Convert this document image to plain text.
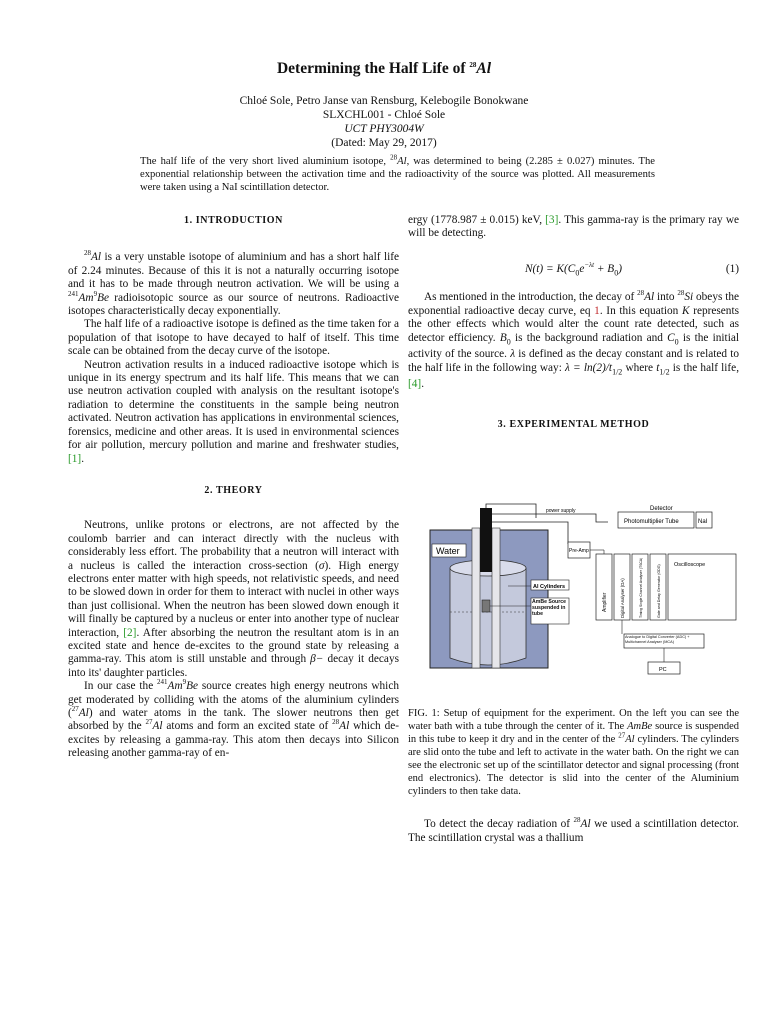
Determining the Half Life of $^{28}$Al
Chloé Sole, Petro Janse van Rensburg, Kelebogile Bonokwane
SLXCHL001 - Chloé Sole
UCT PHY3004W
(Dated: May 29, 2017)
The half life of the very short lived aluminium isotope, $^{28}$Al, was determined to being (2.285 ± 0.027) minutes. The exponential relationship between the activation time and the radioactivity of the source was plotted. All measurements were taken using a NaI scintillation detector.

1. INTRODUCTION

$^{28}$Al is a very unstable isotope of aluminium and has a short half life of 2.24 minutes. Because of this it is not a naturally occurring isotope and it has to be made through neutron activation. We will be using a $^{241}$Am$^9$Be radioisotopic source as our source of neutrons. Radioactive isotopes characteristically decay exponentially.

The half life of a radioactive isotope is defined as the time taken for a population of that isotope to have decayed to half of itself. This time scale can be obtained from the decay curve of the isotope.

Neutron activation results in a induced radioactive isotope which is unique in its energy spectrum and its half life. This means that we can use neutron activation coupled with analysis on the resultant isotope's radiation to determine the constituents in the sample being neutron activated. Neutron activation has applications in environmental sciences, forensics, medicine and other areas. It is used in environmental sciences for air pollution, mercury pollution and marine and freshwater studies, [1].

2. THEORY

Neutrons, unlike protons or electrons, are not affected by the coulomb barrier and can interact directly with the nucleus with considerably less effort. The probability that a neutron will interact with a nucleus is called the interaction cross-section (σ). High energy electrons enter matter with high speeds, not relativistic speeds, and need to be slowed down in order for them to interact with nuclei in other ways than just collisional. When the neutron has been slowed down enough it will finally be captured by a nucleus or enter into another type of nuclear interaction, [2]. After absorbing the neutron the resultant atom is in an excited state and hence de-excites to the ground state by releasing a gamma-ray. This atom is still unstable and through β− decay it decays into its' daughter particles.

In our case the $^{241}$Am$^9$Be source creates high energy neutrons which get moderated by colliding with the atoms of the aluminium cylinders ($^{27}$Al) and water atoms in the tank. The slower neutrons then get absorbed by the $^{27}$Al atoms and form an excited state of $^{28}$Al which de-excites by releasing a gamma-ray. This atom then decays into Silicon releasing another gamma-ray of en-

ergy (1778.987 ± 0.015) keV, [3]. This gamma-ray is the primary ray we will be detecting.

$N(t) = K(C_0e^{-\lambda t} + B_0)$	(1)

As mentioned in the introduction, the decay of $^{28}$Al into $^{28}$Si obeys the exponential radioactive decay curve, eq 1. In this equation K represents the other effects which would alter the count rate detected, such as detector efficiency. $B_0$ is the background radiation and $C_0$ is the initial activity of the source. λ is defined as the decay constant and is related to the half life in the following way: $\lambda = \ln(2)/t_{1/2}$ where $t_{1/2}$ is the half life, [4].

3. EXPERIMENTAL METHOD

FIG. 1: Setup of equipment for the experiment. On the left you can see the water bath with a tube through the center of it. The AmBe source is suspended in this tube to keep it dry and in the center of the $^{27}$Al cylinders. The cylinders are slid onto the tube and left to activate in the water bath. On the right we can see the electronic set up of the scintillator detector and signal processing (front end electronics). The detector is slid into the center of the Aluminium cylinders to then take data.

To detect the decay radiation of $^{28}$Al we used a scintillation detector. The scintillation crystal was a thallium

Water
Al Cylinders
AmBe Source suspended in tube
power supply	Detector
Photomultiplier Tube	NaI
Pre-Amp
Amplifier	Digital Analyser (DA)	Timing Single Channel Analyser (TSCA)	Gate and Delay Generator (GDG) Oscilloscope
Analogue to Digital Converter (ADC) + Multichannel Analyser (MCA)
PC
